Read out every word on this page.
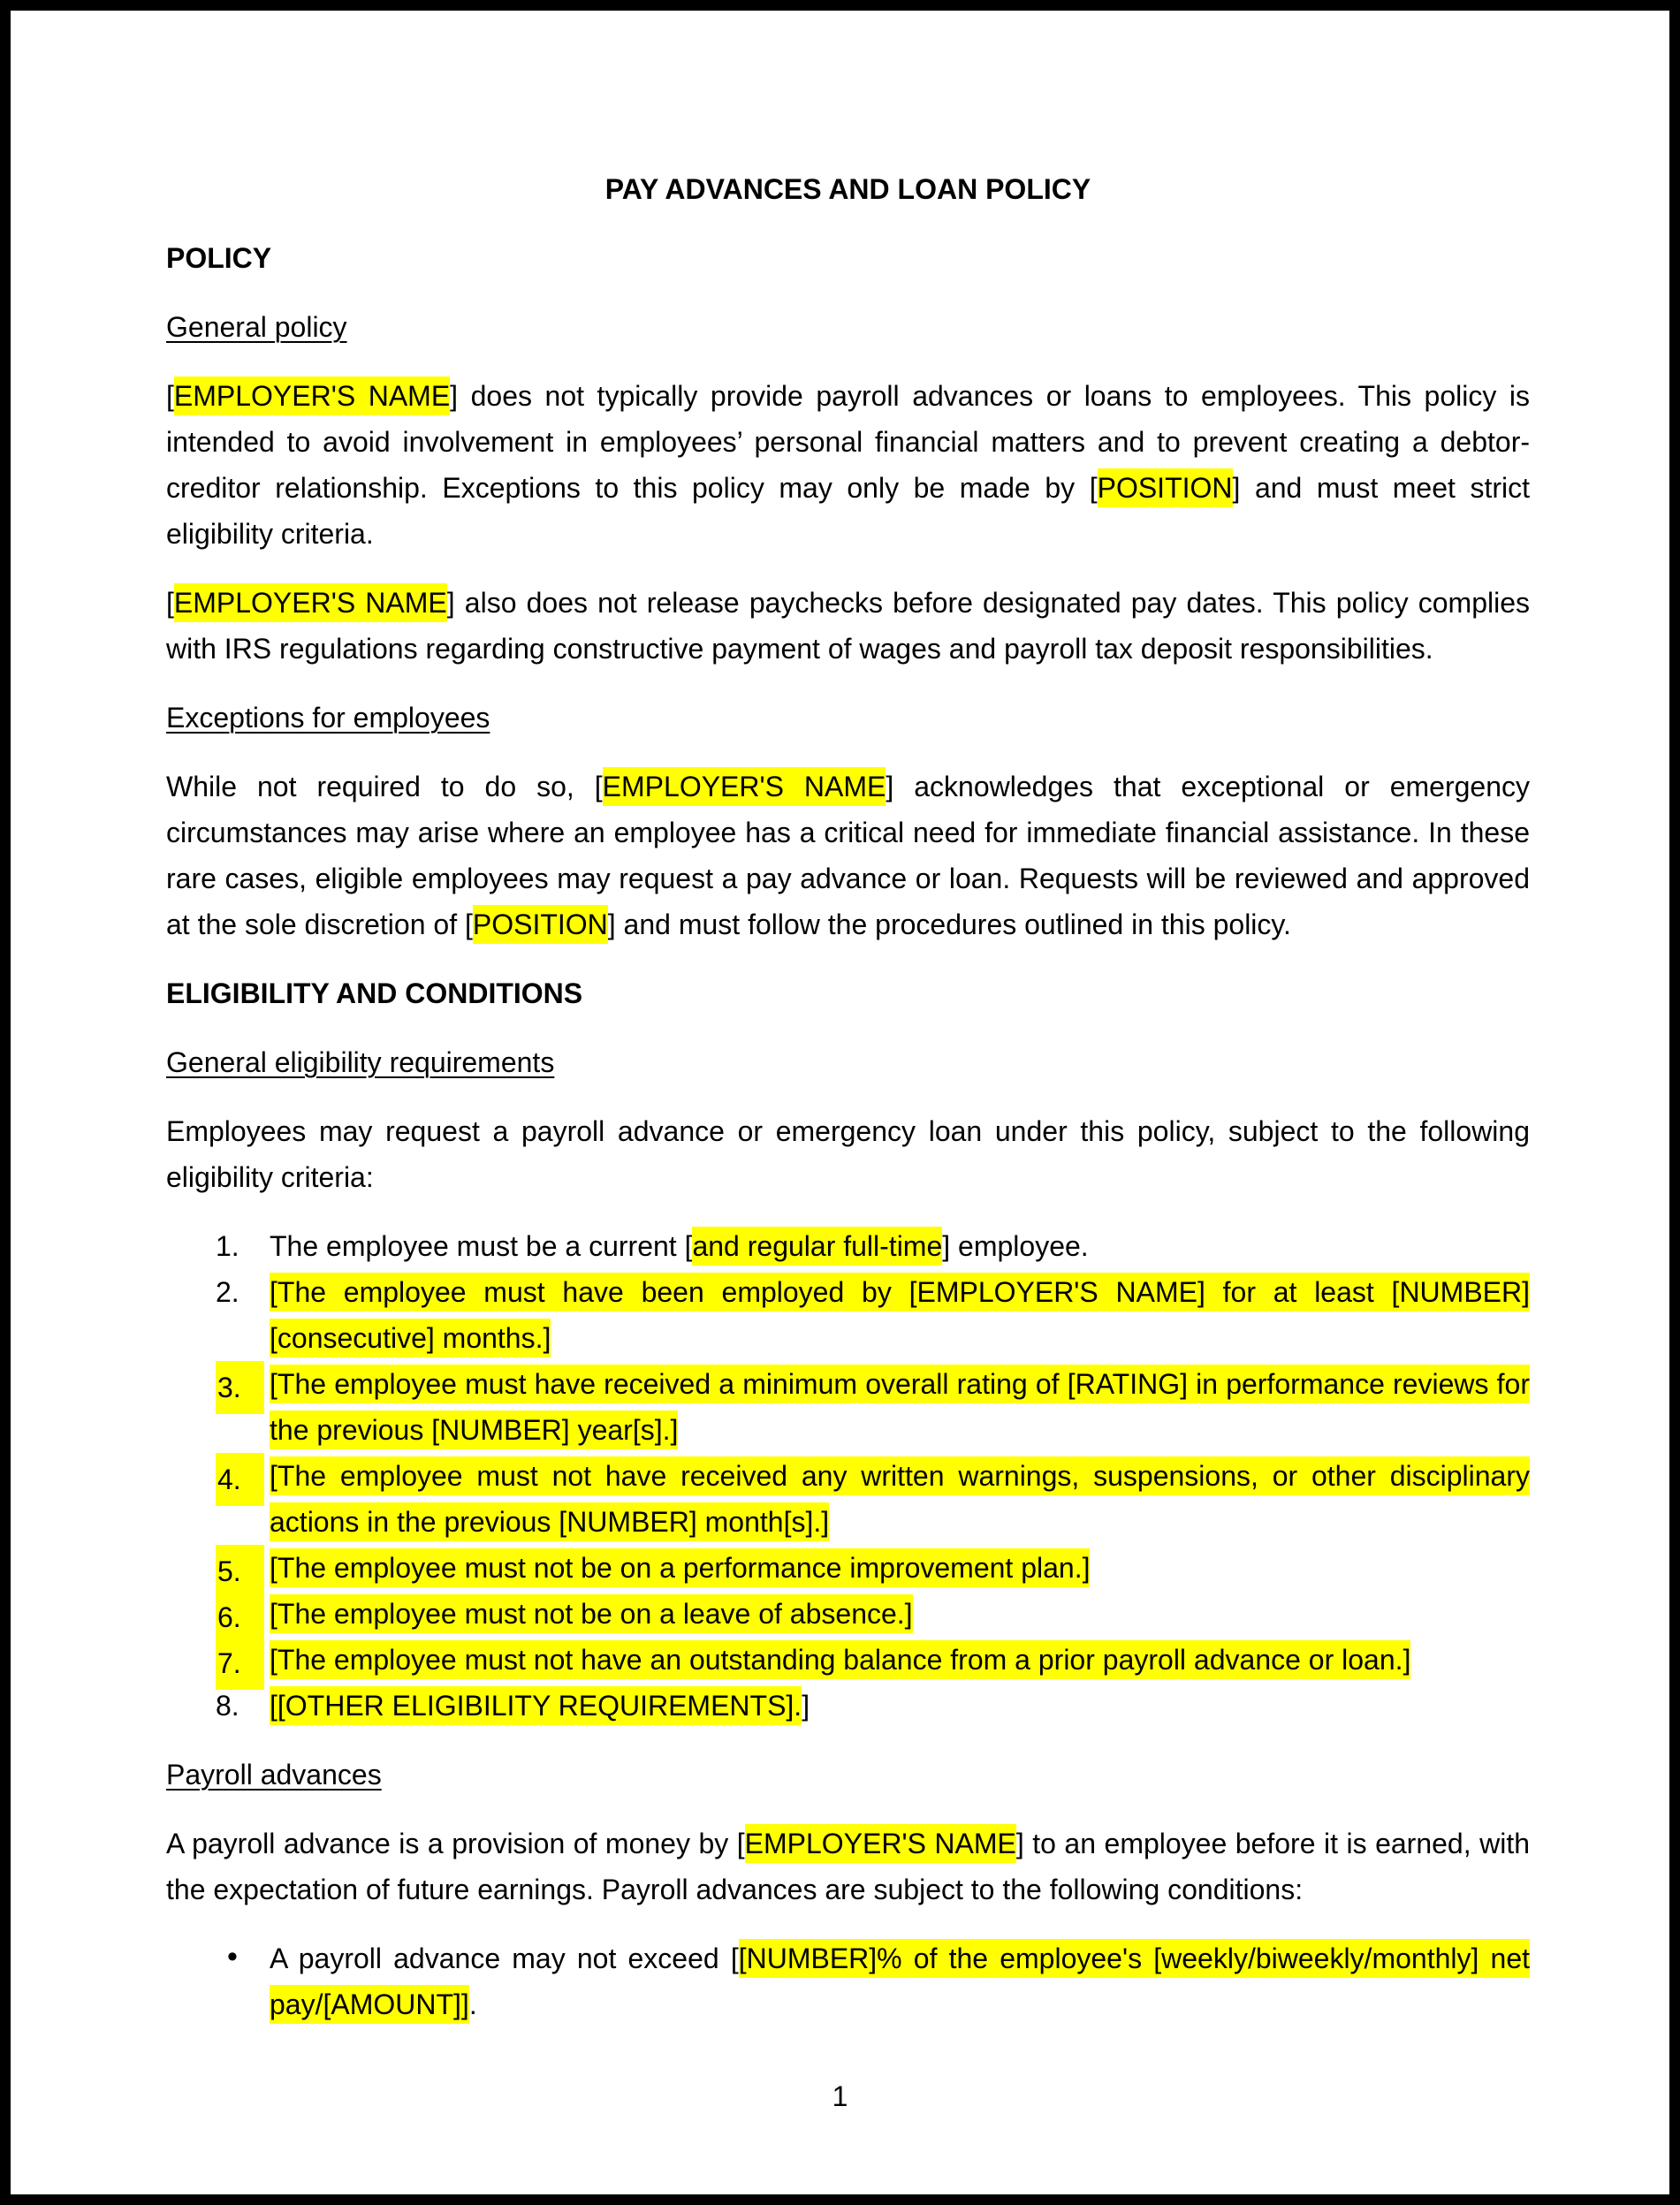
PAY ADVANCES AND LOAN POLICY
POLICY
General policy

[EMPLOYER'S NAME] does not typically provide payroll advances or loans to employees. This policy is intended to avoid involvement in employees’ personal financial matters and to prevent creating a debtor-creditor relationship. Exceptions to this policy may only be made by [POSITION] and must meet strict eligibility criteria.

[EMPLOYER'S NAME] also does not release paychecks before designated pay dates. This policy complies with IRS regulations regarding constructive payment of wages and payroll tax deposit responsibilities.

Exceptions for employees

While not required to do so, [EMPLOYER'S NAME] acknowledges that exceptional or emergency circumstances may arise where an employee has a critical need for immediate financial assistance. In these rare cases, eligible employees may request a pay advance or loan. Requests will be reviewed and approved at the sole discretion of [POSITION] and must follow the procedures outlined in this policy.

ELIGIBILITY AND CONDITIONS
General eligibility requirements

Employees may request a payroll advance or emergency loan under this policy, subject to the following eligibility criteria:

1. The employee must be a current [and regular full-time] employee.
2. [The employee must have been employed by [EMPLOYER'S NAME] for at least [NUMBER] [consecutive] months.]
3.	[The employee must have received a minimum overall rating of [RATING] in performance reviews for the previous [NUMBER] year[s].]
4.	[The employee must not have received any written warnings, suspensions, or other disciplinary actions in the previous [NUMBER] month[s].]
5.	[The employee must not be on a performance improvement plan.]
6.	[The employee must not be on a leave of absence.]
7.	[The employee must not have an outstanding balance from a prior payroll advance or loan.]
8. [[OTHER ELIGIBILITY REQUIREMENTS].]
Payroll advances

A payroll advance is a provision of money by [EMPLOYER'S NAME] to an employee before it is earned, with the expectation of future earnings. Payroll advances are subject to the following conditions:

• A payroll advance may not exceed [[NUMBER]% of the employee's [weekly/biweekly/monthly] net pay/[AMOUNT]].
1
